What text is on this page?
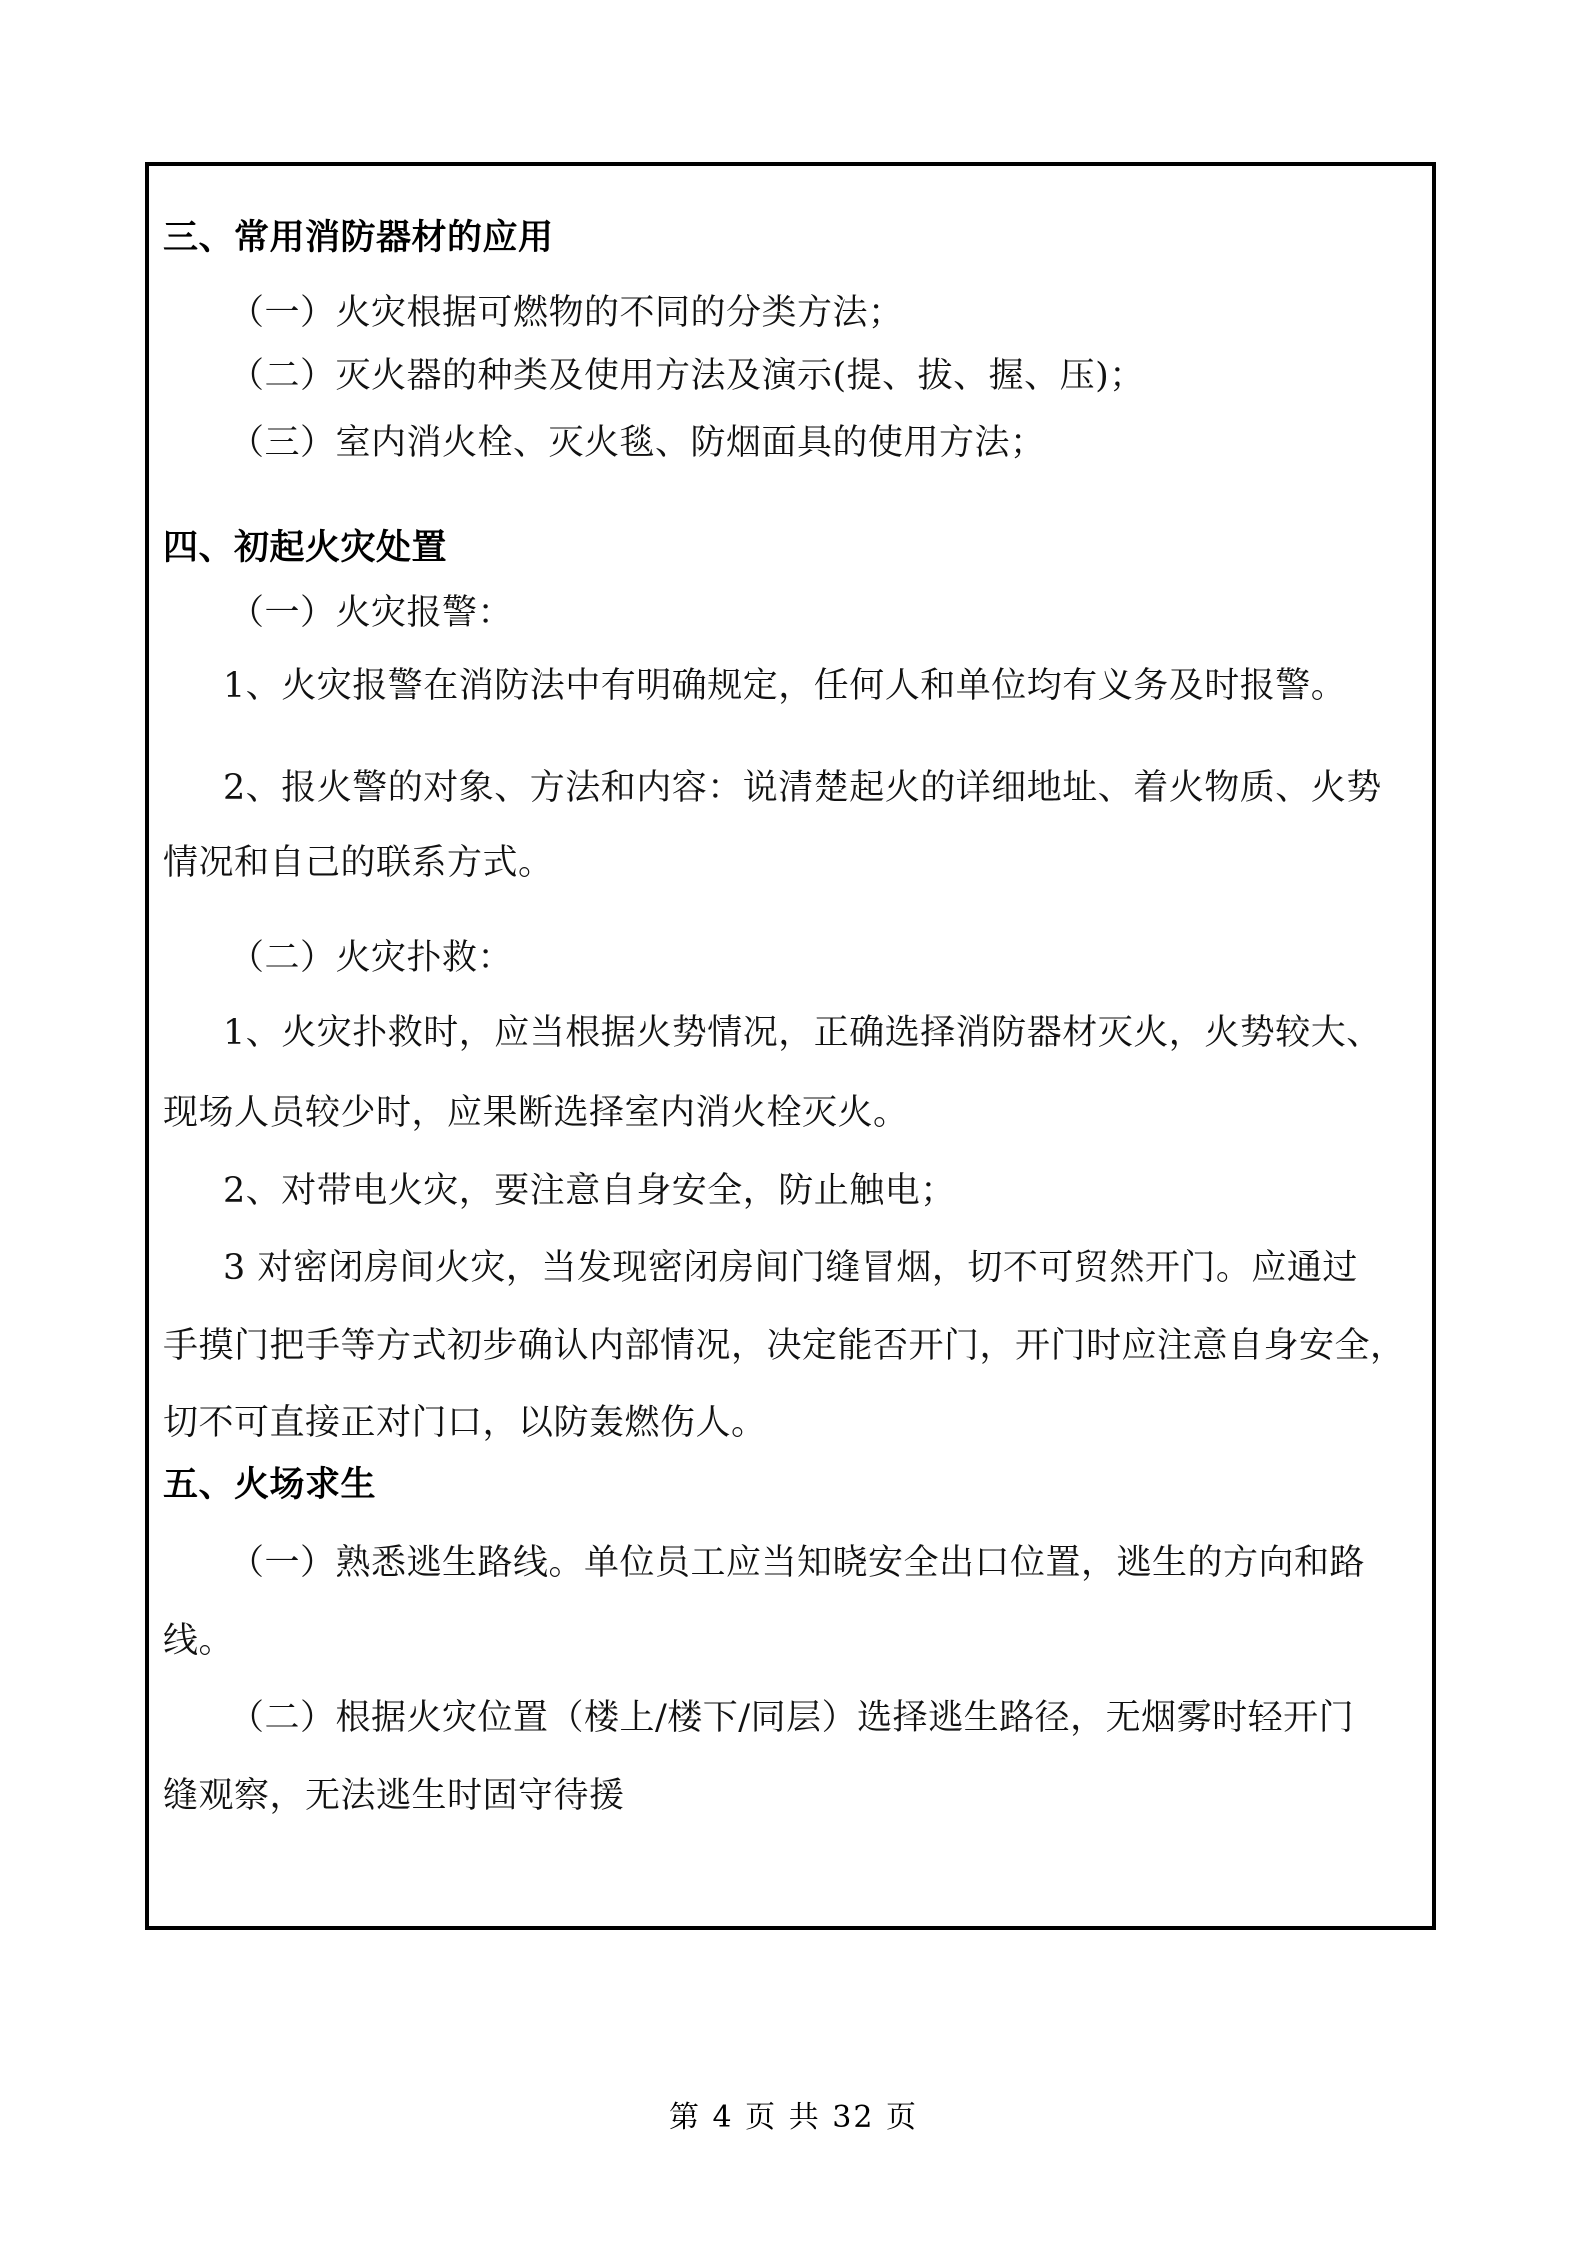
三、常用消防器材的应用
（一）火灾根据可燃物的不同的分类方法；
（二）灭火器的种类及使用方法及演示(提、拔、握、压)；
（三）室内消火栓、灭火毯、防烟面具的使用方法；
四、初起火灾处置
（一）火灾报警：
1、火灾报警在消防法中有明确规定，任何人和单位均有义务及时报警。
2、报火警的对象、方法和内容：说清楚起火的详细地址、着火物质、火势
情况和自己的联系方式。
（二）火灾扑救：
1、火灾扑救时，应当根据火势情况，正确选择消防器材灭火，火势较大、
现场人员较少时，应果断选择室内消火栓灭火。
2、对带电火灾，要注意自身安全，防止触电；
3 对密闭房间火灾，当发现密闭房间门缝冒烟，切不可贸然开门。应通过
手摸门把手等方式初步确认内部情况，决定能否开门，开门时应注意自身安全，
切不可直接正对门口，以防轰燃伤人。
五、火场求生
（一）熟悉逃生路线。单位员工应当知晓安全出口位置，逃生的方向和路
线。
（二）根据火灾位置（楼上/楼下/同层）选择逃生路径，无烟雾时轻开门
缝观察，无法逃生时固守待援
第 4 页 共 32 页
